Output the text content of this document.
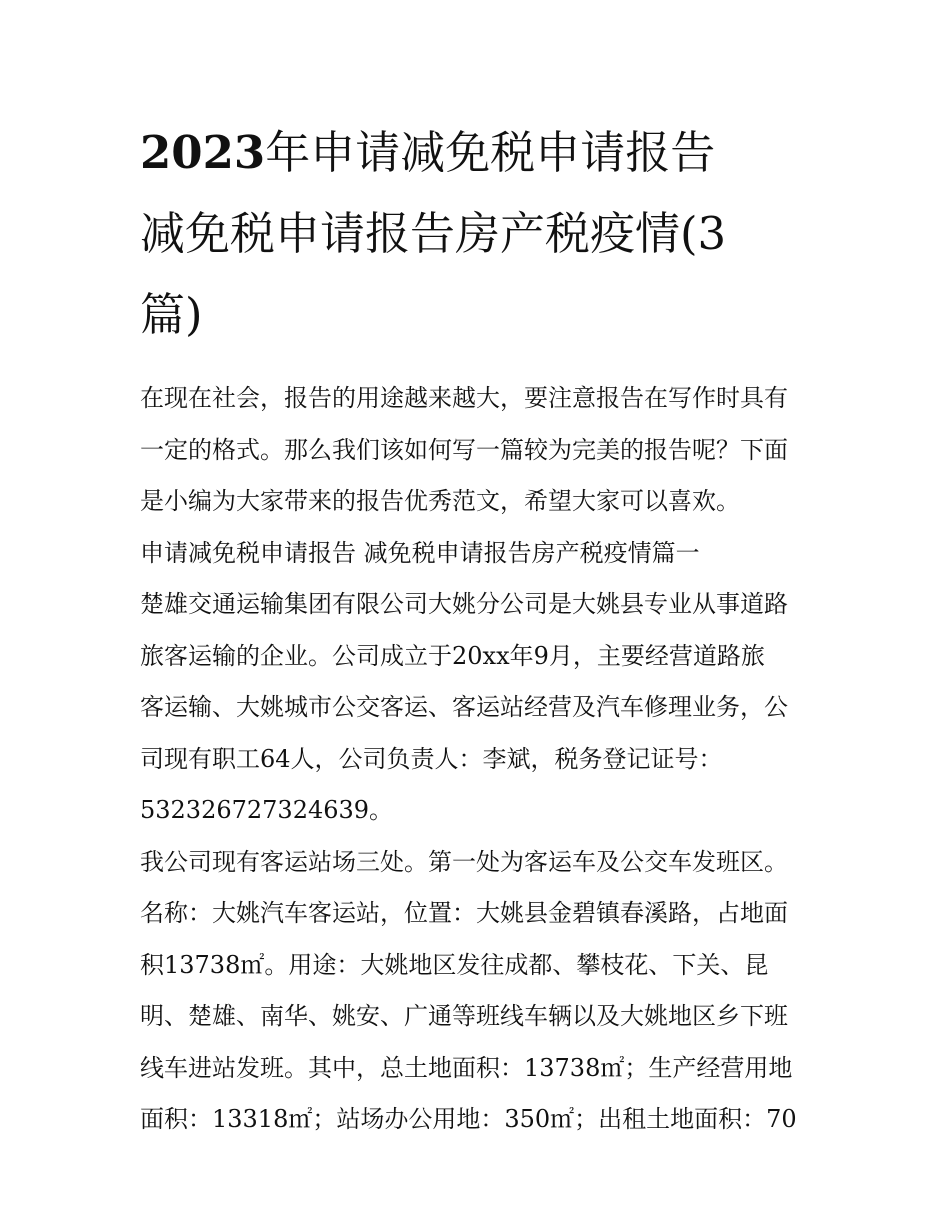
2023年申请减免税申请报告
减免税申请报告房产税疫情(3
篇)
在现在社会，报告的用途越来越大，要注意报告在写作时具有
一定的格式。那么我们该如何写一篇较为完美的报告呢？下面
是小编为大家带来的报告优秀范文，希望大家可以喜欢。
申请减免税申请报告 减免税申请报告房产税疫情篇一
楚雄交通运输集团有限公司大姚分公司是大姚县专业从事道路
旅客运输的企业。公司成立于20xx年9月，主要经营道路旅
客运输、大姚城市公交客运、客运站经营及汽车修理业务，公
司现有职工64人，公司负责人：李斌，税务登记证号：
532326727324639。
我公司现有客运站场三处。第一处为客运车及公交车发班区。
名称：大姚汽车客运站，位置：大姚县金碧镇春溪路，占地面
积13738㎡。用途：大姚地区发往成都、攀枝花、下关、昆
明、楚雄、南华、姚安、广通等班线车辆以及大姚地区乡下班
线车进站发班。其中，总土地面积：13738㎡；生产经营用地
面积：13318㎡；站场办公用地：350㎡；出租土地面积：70
